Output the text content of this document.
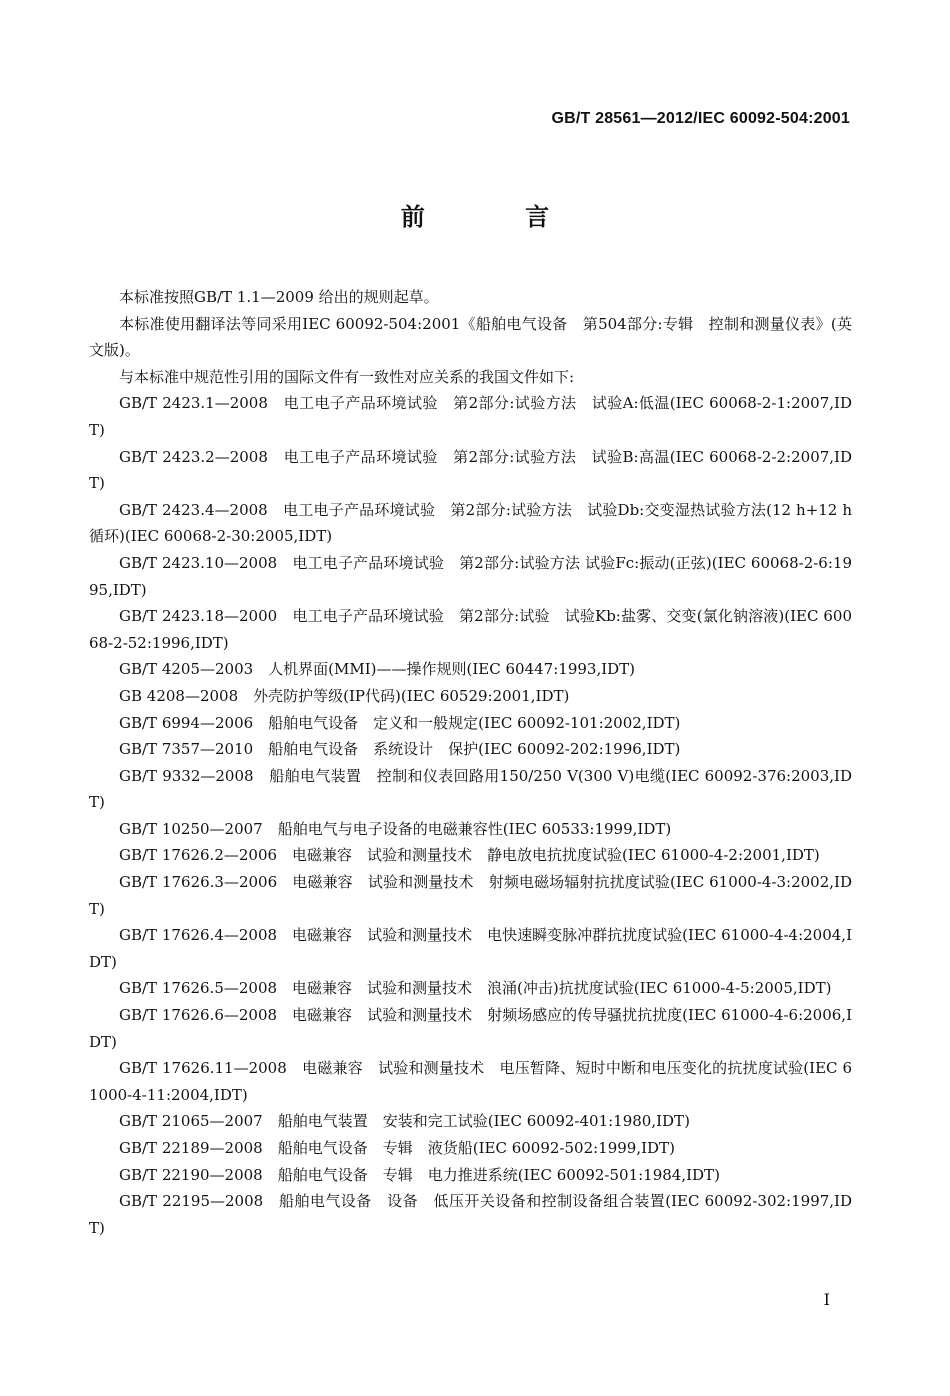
GB/T 28561—2012/IEC 60092-504:2001
前 言

本标准按照GB/T 1.1—2009 给出的规则起草。

本标准使用翻译法等同采用IEC 60092-504:2001《船舶电气设备　第504部分:专辑　控制和测量仪表》(英文版)。

与本标准中规范性引用的国际文件有一致性对应关系的我国文件如下:

GB/T 2423.1—2008　电工电子产品环境试验　第2部分:试验方法　试验A:低温(IEC 60068-2-1:2007,IDT)

GB/T 2423.2—2008　电工电子产品环境试验　第2部分:试验方法　试验B:高温(IEC 60068-2-2:2007,IDT)

GB/T 2423.4—2008　电工电子产品环境试验　第2部分:试验方法　试验Db:交变湿热试验方法(12 h+12 h循环)(IEC 60068-2-30:2005,IDT)

GB/T 2423.10—2008　电工电子产品环境试验　第2部分:试验方法 试验Fc:振动(正弦)(IEC 60068-2-6:1995,IDT)

GB/T 2423.18—2000　电工电子产品环境试验　第2部分:试验　试验Kb:盐雾、交变(氯化钠溶液)(IEC 60068-2-52:1996,IDT)

GB/T 4205—2003　人机界面(MMI)——操作规则(IEC 60447:1993,IDT)

GB 4208—2008　外壳防护等级(IP代码)(IEC 60529:2001,IDT)

GB/T 6994—2006　船舶电气设备　定义和一般规定(IEC 60092-101:2002,IDT)

GB/T 7357—2010　船舶电气设备　系统设计　保护(IEC 60092-202:1996,IDT)

GB/T 9332—2008　船舶电气装置　控制和仪表回路用150/250 V(300 V)电缆(IEC 60092-376:2003,IDT)

GB/T 10250—2007　船舶电气与电子设备的电磁兼容性(IEC 60533:1999,IDT)

GB/T 17626.2—2006　电磁兼容　试验和测量技术　静电放电抗扰度试验(IEC 61000-4-2:2001,IDT)

GB/T 17626.3—2006　电磁兼容　试验和测量技术　射频电磁场辐射抗扰度试验(IEC 61000-4-3:2002,IDT)

GB/T 17626.4—2008　电磁兼容　试验和测量技术　电快速瞬变脉冲群抗扰度试验(IEC 61000-4-4:2004,IDT)

GB/T 17626.5—2008　电磁兼容　试验和测量技术　浪涌(冲击)抗扰度试验(IEC 61000-4-5:2005,IDT)

GB/T 17626.6—2008　电磁兼容　试验和测量技术　射频场感应的传导骚扰抗扰度(IEC 61000-4-6:2006,IDT)

GB/T 17626.11—2008　电磁兼容　试验和测量技术　电压暂降、短时中断和电压变化的抗扰度试验(IEC 61000-4-11:2004,IDT)

GB/T 21065—2007　船舶电气装置　安装和完工试验(IEC 60092-401:1980,IDT)

GB/T 22189—2008　船舶电气设备　专辑　液货船(IEC 60092-502:1999,IDT)

GB/T 22190—2008　船舶电气设备　专辑　电力推进系统(IEC 60092-501:1984,IDT)

GB/T 22195—2008　船舶电气设备　设备　低压开关设备和控制设备组合装置(IEC 60092-302:1997,IDT)

I
